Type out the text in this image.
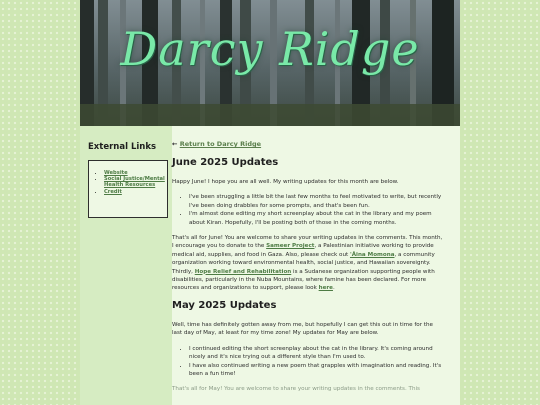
Darcy Ridge
External Links
• Website
• Social Justice/Mental Health Resources
• Credit
← Return to Darcy Ridge
June 2025 Updates

Happy June! I hope you are all well. My writing updates for this month are below.

• I've been struggling a little bit the last few months to feel motivated to write, but recently I've been doing drabbles for some prompts, and that's been fun.
• I'm almost done editing my short screenplay about the cat in the library and my poem about Kiran. Hopefully, I'll be posting both of those in the coming months.

That's all for June! You are welcome to share your writing updates in the comments. This month, I encourage you to donate to the Sameer Project, a Palestinian initiative working to provide medical aid, supplies, and food in Gaza. Also, please check out 'Āina Momona, a community organization working toward environmental health, social justice, and Hawaiian sovereignty. Thirdly, Hope Relief and Rehabilitation is a Sudanese organization supporting people with disabilities, particularly in the Nuba Mountains, where famine has been declared. For more resources and organizations to support, please look here.

May 2025 Updates

Well, time has definitely gotten away from me, but hopefully I can get this out in time for the last day of May, at least for my time zone! My updates for May are below.

• I continued editing the short screenplay about the cat in the library. It's coming around nicely and it's nice trying out a different style than I'm used to.
• I have also continued writing a new poem that grapples with imagination and reading. It's been a fun time!

That's all for May! You are welcome to share your writing updates in the comments. This
